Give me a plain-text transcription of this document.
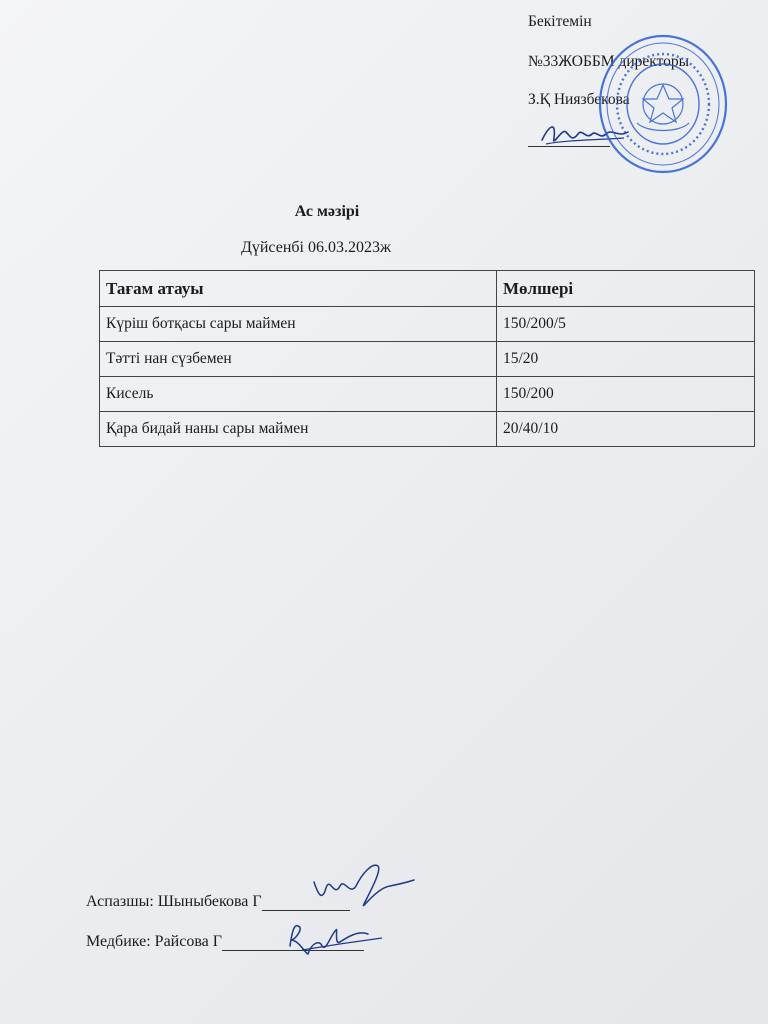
Бекітемін
№33ЖОББМ директоры
З.Қ Ниязбекова
Ас мәзірі
Дүйсенбі 06.03.2023ж
Тағам атауы	Мөлшері
Күріш ботқасы сары маймен	150/200/5
Тәтті нан сүзбемен	15/20
Кисель	150/200
Қара бидай наны сары маймен	20/40/10
Аспазшы: Шыныбекова Г
Медбике: Райсова Г
